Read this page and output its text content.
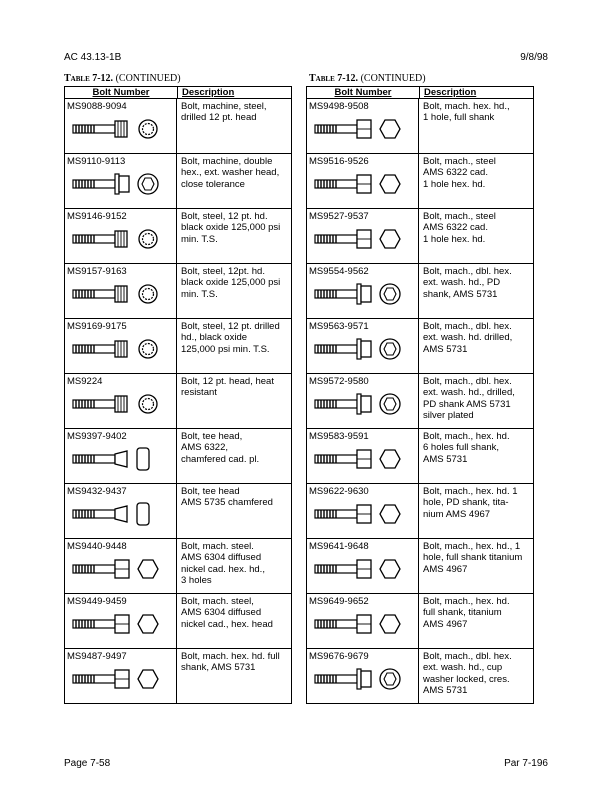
AC 43.13-1B	9/8/98
Table 7-12. (CONTINUED)	Table 7-12. (CONTINUED)
Bolt Number	Description
MS9088-9094	Bolt, machine, steel,
drilled 12 pt. head
MS9110-9113	Bolt, machine, double
hex., ext. washer head,
close tolerance
MS9146-9152	Bolt, steel, 12 pt. hd.
black oxide 125,000 psi
min. T.S.
MS9157-9163	Bolt, steel, 12pt. hd.
black oxide 125,000 psi
min. T.S.
MS9169-9175	Bolt, steel, 12 pt. drilled
hd., black oxide
125,000 psi min. T.S.
MS9224	Bolt, 12 pt. head, heat
resistant
MS9397-9402	Bolt, tee head,
AMS 6322,
chamfered cad. pl.
MS9432-9437	Bolt, tee head
AMS 5735 chamfered
MS9440-9448	Bolt, mach. steel.
AMS 6304 diffused
nickel cad. hex. hd.,
3 holes
MS9449-9459	Bolt, mach. steel,
AMS 6304 diffused
nickel cad., hex. head
MS9487-9497	Bolt, mach. hex. hd. full
shank, AMS 5731
Bolt Number	Description
MS9498-9508	Bolt, mach. hex. hd.,
1 hole, full shank
MS9516-9526	Bolt, mach., steel
AMS 6322 cad.
1 hole hex. hd.
MS9527-9537	Bolt, mach., steel
AMS 6322 cad.
1 hole hex. hd.
MS9554-9562	Bolt, mach., dbl. hex.
ext. wash. hd., PD
shank, AMS 5731
MS9563-9571	Bolt, mach., dbl. hex.
ext. wash. hd. drilled,
AMS 5731
MS9572-9580	Bolt, mach., dbl. hex.
ext. wash. hd., drilled,
PD shank AMS 5731
silver plated
MS9583-9591	Bolt, mach., hex. hd.
6 holes full shank,
AMS 5731
MS9622-9630	Bolt, mach., hex. hd. 1
hole, PD shank, tita-
nium AMS 4967
MS9641-9648	Bolt, mach., hex. hd., 1
hole, full shank titanium
AMS 4967
MS9649-9652	Bolt, mach., hex. hd.
full shank, titanium
AMS 4967
MS9676-9679	Bolt, mach., dbl. hex.
ext. wash. hd., cup
washer locked, cres.
AMS 5731
Page 7-58	Par 7-196
